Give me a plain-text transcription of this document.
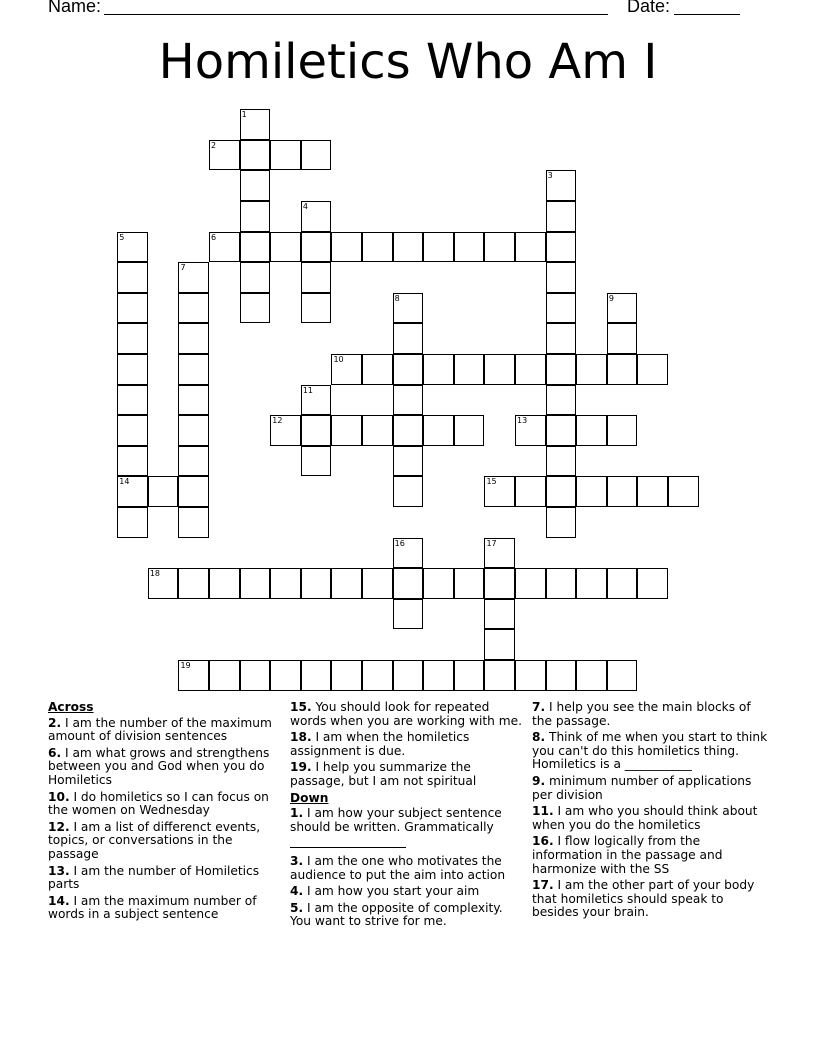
Name:	Date:
Homiletics Who Am I
1
2
3
4
5
14
6
7
8	9
10
11
12	13
15
16	17
18
19
Across
2. I am the number of the maximum amount of division sentences
6. I am what grows and strengthens between you and God when you do Homiletics
10. I do homiletics so I can focus on the women on Wednesday
12. I am a list of differenct events, topics, or conversations in the passage
13. I am the number of Homiletics parts
14. I am the maximum number of words in a subject sentence
15. You should look for repeated words when you are working with me.
18. I am when the homiletics assignment is due.
19. I help you summarize the passage, but I am not spiritual
Down
1. I am how your subject sentence should be written. Grammatically

3. I am the one who motivates the audience to put the aim into action
4. I am how you start your aim
5. I am the opposite of complexity. You want to strive for me.
7. I help you see the main blocks of the passage.
8. Think of me when you start to think you can't do this homiletics thing. Homiletics is a ___________
9. minimum number of applications per division
11. I am who you should think about when you do the homiletics
16. I flow logically from the information in the passage and harmonize with the SS
17. I am the other part of your body that homiletics should speak to besides your brain.
